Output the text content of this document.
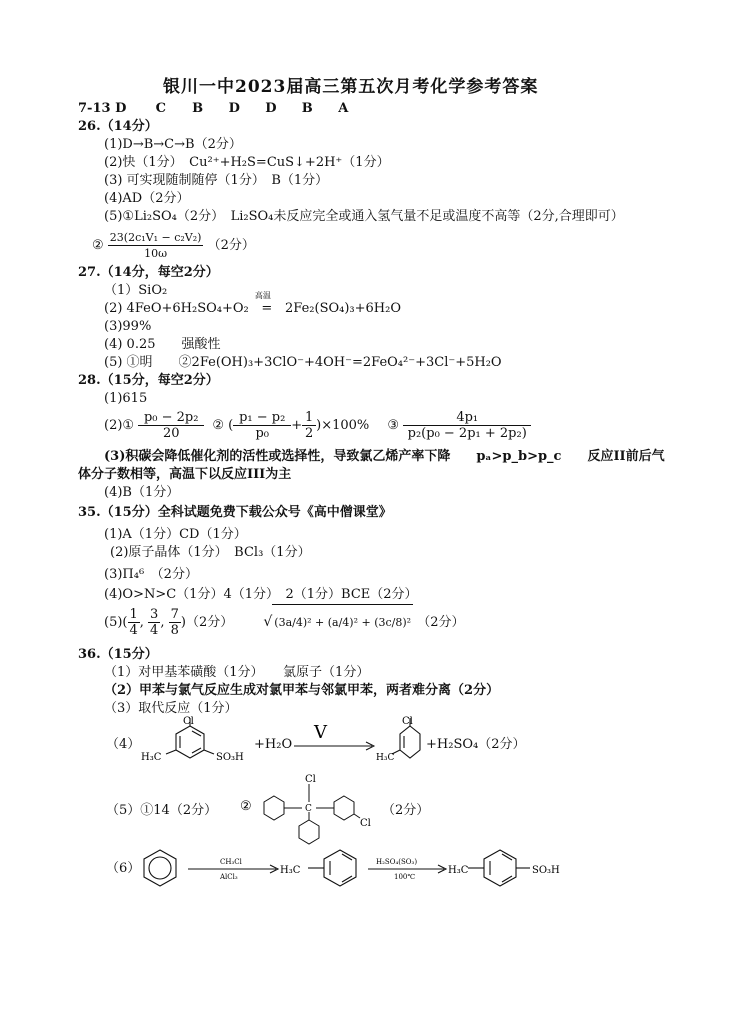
银川一中2023届高三第五次月考化学参考答案
7-13 D C B D D B A
26.（14分）
(1)D→B→C→B（2分）
(2)快（1分）　Cu²⁺+H₂S=CuS↓+2H⁺（1分）
(3) 可实现随制随停（1分）　B（1分）
(4)AD（2分）
(5)①Li₂SO₄（2分）　Li₂SO₄未反应完全或通入氢气量不足或温度不高等（2分,合理即可）
② $\frac{\text{23(2c₁V₁ − c₂V₂)}}{10\omega} (2$分）
27.（14分，每空2分）
（1）SiO₂
(2) 4FeO+6H₂SO₄+O₂
高温
= 2Fe₂(SO₄)₃+6H₂O
(3)99%
(4) 0.25　　强酸性
(5) ①明　　②2Fe(OH)₃+3ClO⁻+4OH⁻=2FeO₄²⁻+3Cl⁻+5H₂O
28.（15分，每空2分）
(1)615
(2)① $\frac{\text{p₀ − 2p₂}}{20}$ ② ( $\frac{\text{p₁ − p₂}}{\text{p₀}} + \frac{1}{2} )\times 100\%$ ③ $\frac{\text{4p₁}}{\text{p₂(p₀ − 2p₁ + 2p₂)}}$
(3)积碳会降低催化剂的活性或选择性，导致氯乙烯产率下降　　pₐ>p_b>p_c　　反应II前后气
体分子数相等，高温下以反应III为主
(4)B（1分）
35.（15分）全科试题免费下载公众号《高中僧课堂》
(1)A（1分）CD（1分）
(2)原子晶体（1分）　BCl₃（1分）
(3)Π₄⁶　（2分）
(4)O>N>C（1分）4（1分）　2（1分）BCE（2分）
$(5)( \frac{1}{4}$ , $\frac{3}{4}$ , $\frac{7}{8} )(2$分） √ (3a/4)² + (a/4)² + (3c/8)² （2分）
36.（15分）
（1）对甲基苯磺酸（1分）　　氯原子（1分）
（2）甲苯与氯气反应生成对氯甲苯与邻氯甲苯，两者难分离（2分）
（3）取代反应（1分）
（4）
Cl
H₃C	SO₃H
+H₂O
V
Cl
H₃C
+H₂SO₄（2分）
（5）①14（2分） ②
Cl
C
Cl
（2分）
（6）	CH₃Cl
AlCl₃
H₃C
H₂SO₄(SO₃)
100℃
H₃C	SO₃H
